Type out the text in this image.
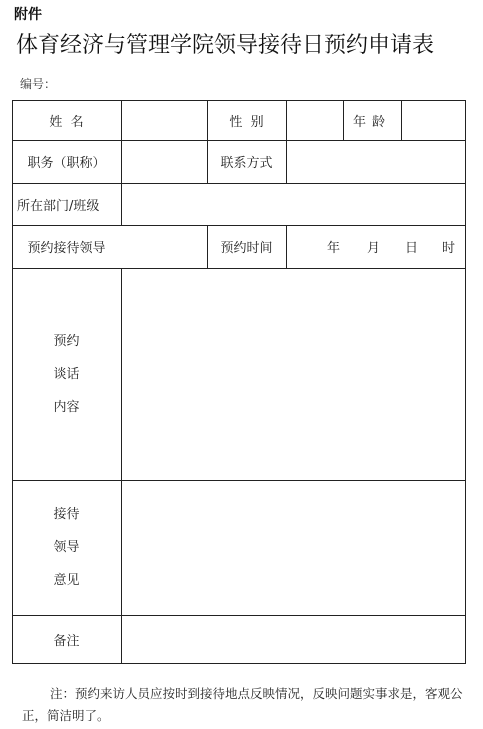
附件
体育经济与管理学院领导接待日预约申请表
编号：
姓  名	性  别	年龄
职务（职称）	联系方式
所在部门/班级
预约接待领导	预约时间	年 月 日 时
预约
谈话
内容
接待
领导
意见
备注
注：预约来访人员应按时到接待地点反映情况，反映问题实事求是，客观公正，简洁明了。
